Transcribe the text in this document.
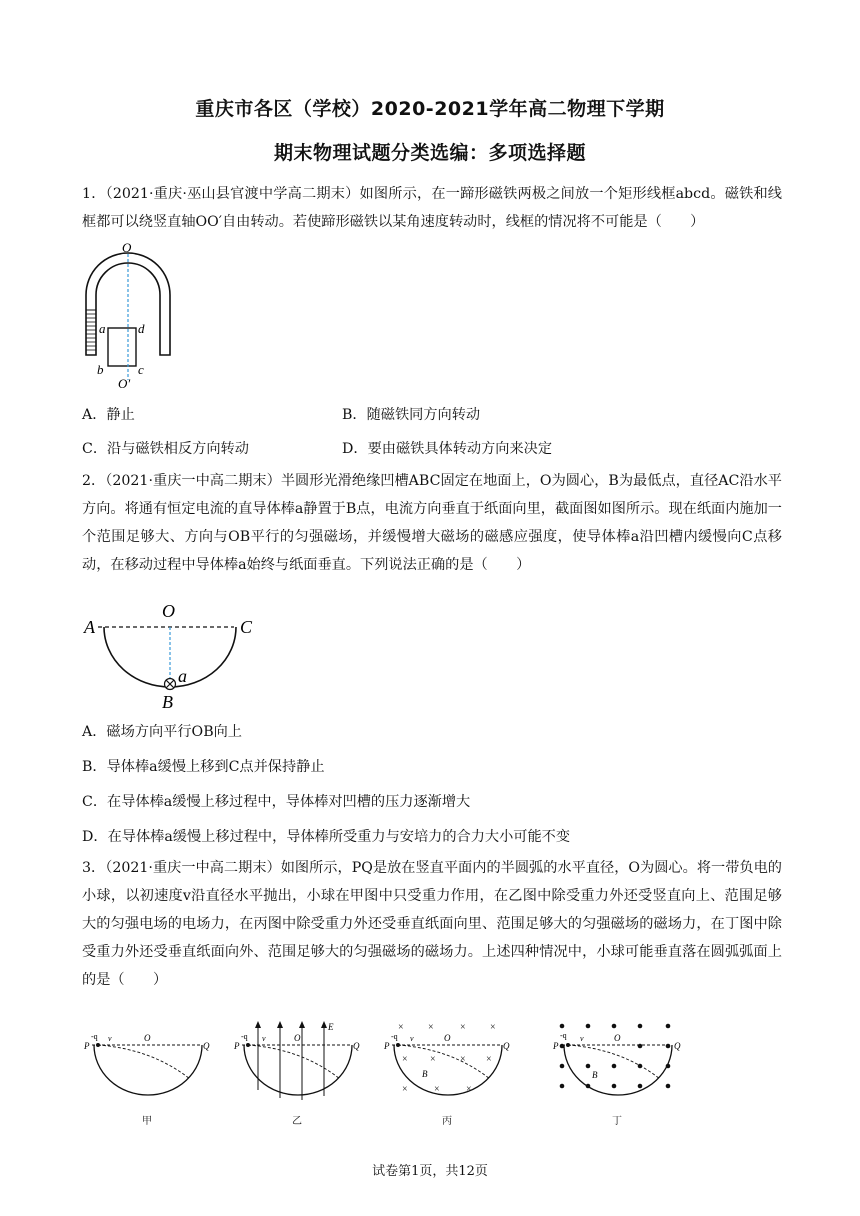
重庆市各区（学校）2020-2021学年高二物理下学期
期末物理试题分类选编：多项选择题
1．（2021·重庆·巫山县官渡中学高二期末）如图所示，在一蹄形磁铁两极之间放一个矩形线框abcd。磁铁和线框都可以绕竖直轴OO′自由转动。若使蹄形磁铁以某角速度转动时，线框的情况将不可能是（　　）
O
O′
a	d
b	c
A．静止	B．随磁铁同方向转动
C．沿与磁铁相反方向转动	D．要由磁铁具体转动方向来决定
2．（2021·重庆一中高二期末）半圆形光滑绝缘凹槽ABC固定在地面上，O为圆心，B为最低点，直径AC沿水平方向。将通有恒定电流的直导体棒a静置于B点，电流方向垂直于纸面向里，截面图如图所示。现在纸面内施加一个范围足够大、方向与OB平行的匀强磁场，并缓慢增大磁场的磁感应强度，使导体棒a沿凹槽内缓慢向C点移动，在移动过程中导体棒a始终与纸面垂直。下列说法正确的是（　　）
A
O
C
a
B
A．磁场方向平行OB向上
B．导体棒a缓慢上移到C点并保持静止
C．在导体棒a缓慢上移过程中，导体棒对凹槽的压力逐渐增大
D．在导体棒a缓慢上移过程中，导体棒所受重力与安培力的合力大小可能不变
3．（2021·重庆一中高二期末）如图所示，PQ是放在竖直平面内的半圆弧的水平直径，O为圆心。将一带负电的小球，以初速度v沿直径水平抛出，小球在甲图中只受重力作用，在乙图中除受重力外还受竖直向上、范围足够大的匀强电场的电场力，在丙图中除受重力外还受垂直纸面向里、范围足够大的匀强磁场的磁场力，在丁图中除受重力外还受垂直纸面向外、范围足够大的匀强磁场的磁场力。上述四种情况中，小球可能垂直落在圆弧弧面上的是（　　）
P
-q v	O
Q
甲
P
-q v	O
E
Q
乙
× ×	× ×
× × × ×
×	×	×
P
-q v	O
B
Q
丙
P
-q v	O
B
Q
丁
试卷第1页，共12页
